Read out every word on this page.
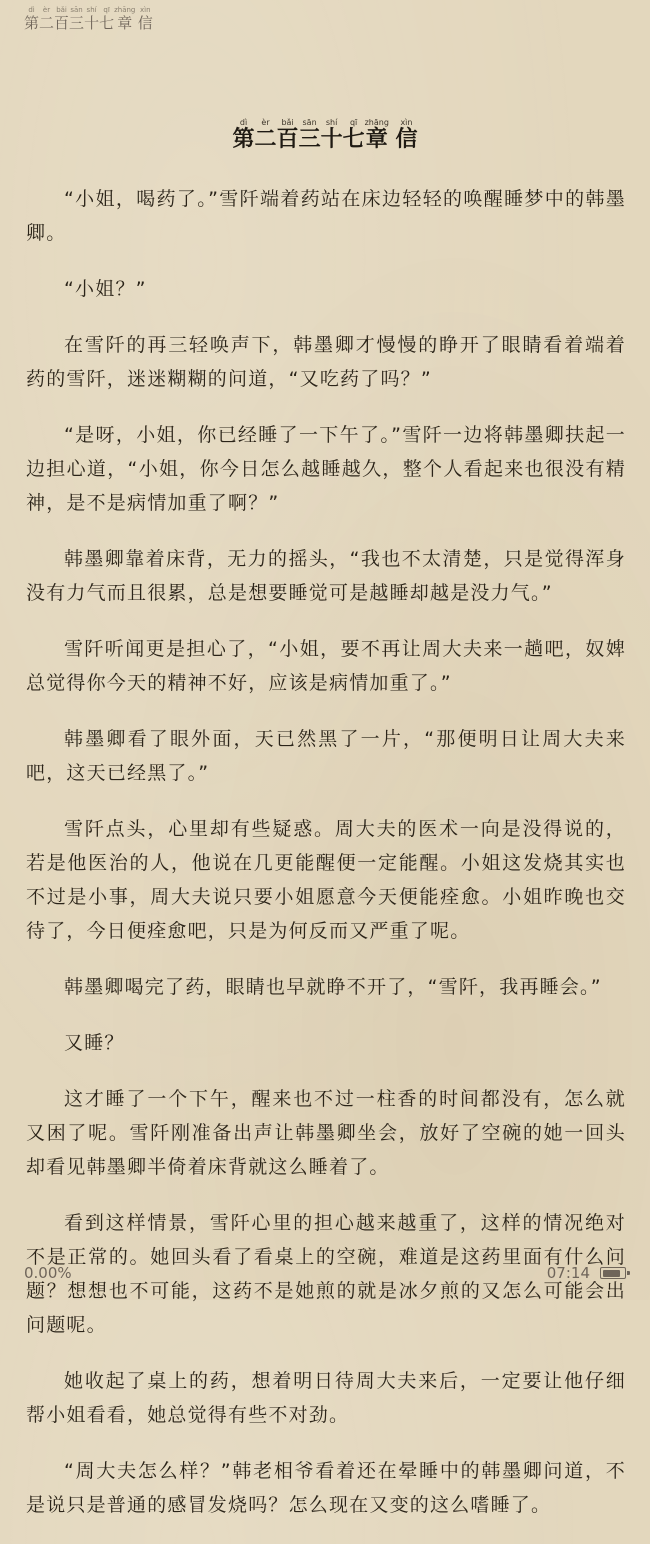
第dì二èr百bǎi三sān十shí七qī章zhāng 信xìn
第dì二èr百bǎi三sān十shí七qī章zhāng 信xìn

“小姐，喝药了。”雪阡端着药站在床边轻轻的唤醒睡梦中的韩墨卿。

“小姐？”

在雪阡的再三轻唤声下，韩墨卿才慢慢的睁开了眼睛看着端着药的雪阡，迷迷糊糊的问道，“又吃药了吗？”

“是呀，小姐，你已经睡了一下午了。”雪阡一边将韩墨卿扶起一边担心道，“小姐，你今日怎么越睡越久，整个人看起来也很没有精神，是不是病情加重了啊？”

韩墨卿靠着床背，无力的摇头，“我也不太清楚，只是觉得浑身没有力气而且很累，总是想要睡觉可是越睡却越是没力气。”

雪阡听闻更是担心了，“小姐，要不再让周大夫来一趟吧，奴婢总觉得你今天的精神不好，应该是病情加重了。”

韩墨卿看了眼外面，天已然黑了一片，“那便明日让周大夫来吧，这天已经黑了。”

雪阡点头，心里却有些疑惑。周大夫的医术一向是没得说的，若是他医治的人，他说在几更能醒便一定能醒。小姐这发烧其实也不过是小事，周大夫说只要小姐愿意今天便能痊愈。小姐昨晚也交待了，今日便痊愈吧，只是为何反而又严重了呢。

韩墨卿喝完了药，眼睛也早就睁不开了，“雪阡，我再睡会。”

又睡？

这才睡了一个下午，醒来也不过一柱香的时间都没有，怎么就又困了呢。雪阡刚准备出声让韩墨卿坐会，放好了空碗的她一回头却看见韩墨卿半倚着床背就这么睡着了。

看到这样情景，雪阡心里的担心越来越重了，这样的情况绝对不是正常的。她回头看了看桌上的空碗，难道是这药里面有什么问题？想想也不可能，这药不是她煎的就是冰夕煎的又怎么可能会出问题呢。

她收起了桌上的药，想着明日待周大夫来后，一定要让他仔细帮小姐看看，她总觉得有些不对劲。

“周大夫怎么样？”韩老相爷看着还在晕睡中的韩墨卿问道，不是说只是普通的感冒发烧吗？怎么现在又变的这么嗜睡了。

0.00%	07:14
